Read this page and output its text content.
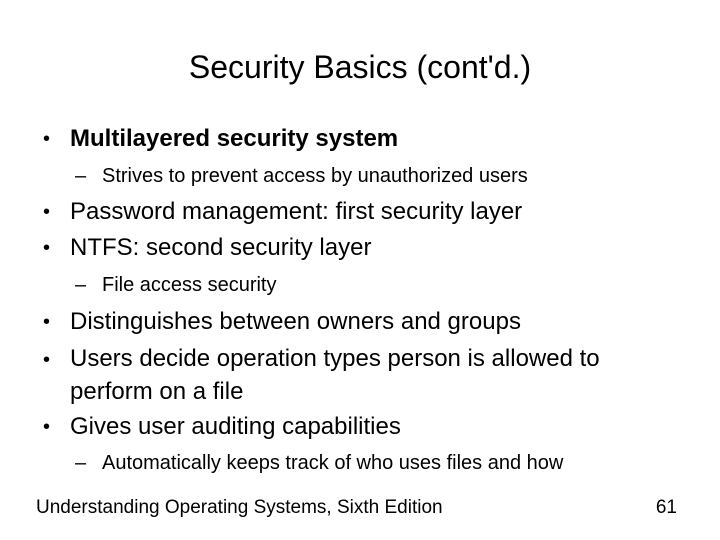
Security Basics (cont'd.)
• Multilayered security system
– Strives to prevent access by unauthorized users
• Password management: first security layer
• NTFS: second security layer
– File access security
• Distinguishes between owners and groups
• Users decide operation types person is allowed to perform on a file
• Gives user auditing capabilities
– Automatically keeps track of who uses files and how
Understanding Operating Systems, Sixth Edition	61
